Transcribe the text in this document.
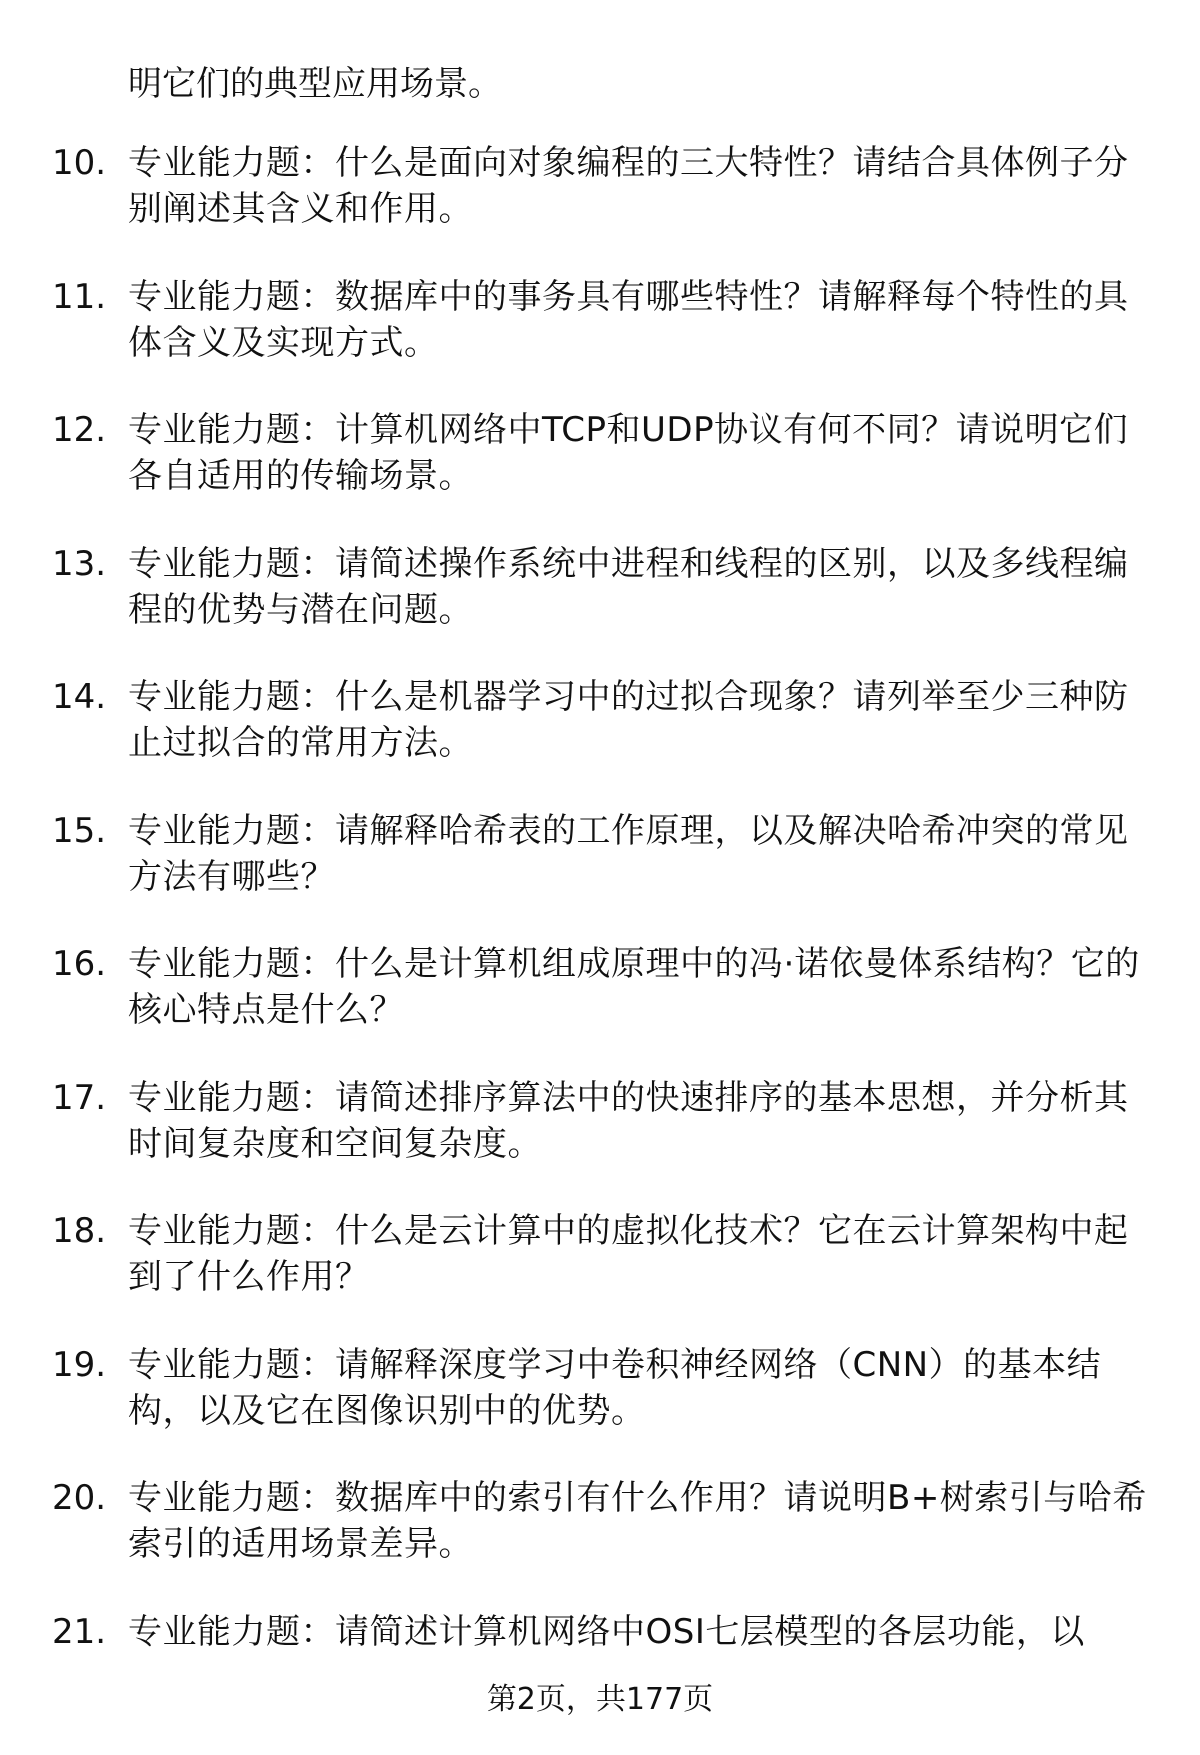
明它们的典型应用场景。

10. 专业能力题：什么是面向对象编程的三大特性？请结合具体例子分别阐述其含义和作用。

11. 专业能力题：数据库中的事务具有哪些特性？请解释每个特性的具体含义及实现方式。

12. 专业能力题：计算机网络中TCP和UDP协议有何不同？请说明它们各自适用的传输场景。

13. 专业能力题：请简述操作系统中进程和线程的区别，以及多线程编程的优势与潜在问题。

14. 专业能力题：什么是机器学习中的过拟合现象？请列举至少三种防止过拟合的常用方法。

15. 专业能力题：请解释哈希表的工作原理，以及解决哈希冲突的常见方法有哪些？

16. 专业能力题：什么是计算机组成原理中的冯·诺依曼体系结构？它的核心特点是什么？

17. 专业能力题：请简述排序算法中的快速排序的基本思想，并分析其时间复杂度和空间复杂度。

18. 专业能力题：什么是云计算中的虚拟化技术？它在云计算架构中起到了什么作用？

19. 专业能力题：请解释深度学习中卷积神经网络（CNN）的基本结构，以及它在图像识别中的优势。

20. 专业能力题：数据库中的索引有什么作用？请说明B+树索引与哈希索引的适用场景差异。

21. 专业能力题：请简述计算机网络中OSI七层模型的各层功能，以

第2页，共177页
